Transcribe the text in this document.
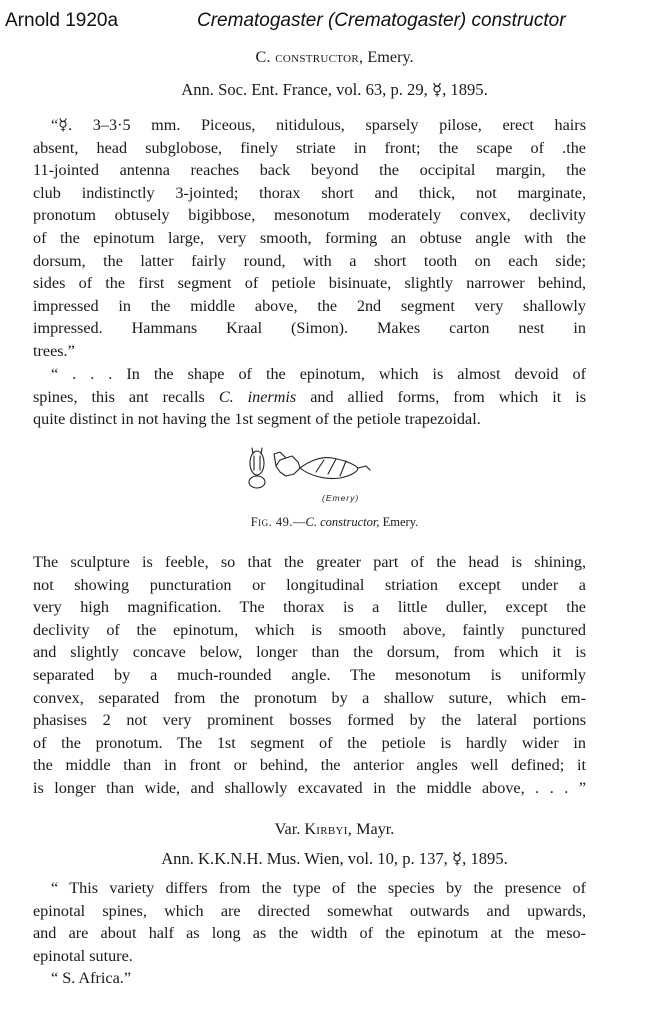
Arnold 1920a	Crematogaster (Crematogaster) constructor
C. constructor, Emery.
Ann. Soc. Ent. France, vol. 63, p. 29, ☿, 1895.
“☿. 3–3·5 mm. Piceous, nitidulous, sparsely pilose, erect hairs
absent, head subglobose, finely striate in front; the scape of .the
11-jointed antenna reaches back beyond the occipital margin, the
club indistinctly 3-jointed; thorax short and thick, not marginate,
pronotum obtusely bigibbose, mesonotum moderately convex, declivity
of the epinotum large, very smooth, forming an obtuse angle with the
dorsum, the latter fairly round, with a short tooth on each side;
sides of the first segment of petiole bisinuate, slightly narrower behind,
impressed in the middle above, the 2nd segment very shallowly
impressed. Hammans Kraal (Simon). Makes carton nest in
trees.”
“ . . . In the shape of the epinotum, which is almost devoid of
spines, this ant recalls C. inermis and allied forms, from which it is
quite distinct in not having the 1st segment of the petiole trapezoidal.
(Emery)
Fig. 49.—C. constructor, Emery.
The sculpture is feeble, so that the greater part of the head is shining,
not showing puncturation or longitudinal striation except under a
very high magnification. The thorax is a little duller, except the
declivity of the epinotum, which is smooth above, faintly punctured
and slightly concave below, longer than the dorsum, from which it is
separated by a much-rounded angle. The mesonotum is uniformly
convex, separated from the pronotum by a shallow suture, which em-
phasises 2 not very prominent bosses formed by the lateral portions
of the pronotum. The 1st segment of the petiole is hardly wider in
the middle than in front or behind, the anterior angles well defined; it
is longer than wide, and shallowly excavated in the middle above, . . . ”
Var. Kirbyi, Mayr.
Ann. K.K.N.H. Mus. Wien, vol. 10, p. 137, ☿, 1895.
“ This variety differs from the type of the species by the presence of
epinotal spines, which are directed somewhat outwards and upwards,
and are about half as long as the width of the epinotum at the meso-
epinotal suture.
“ S. Africa.”
